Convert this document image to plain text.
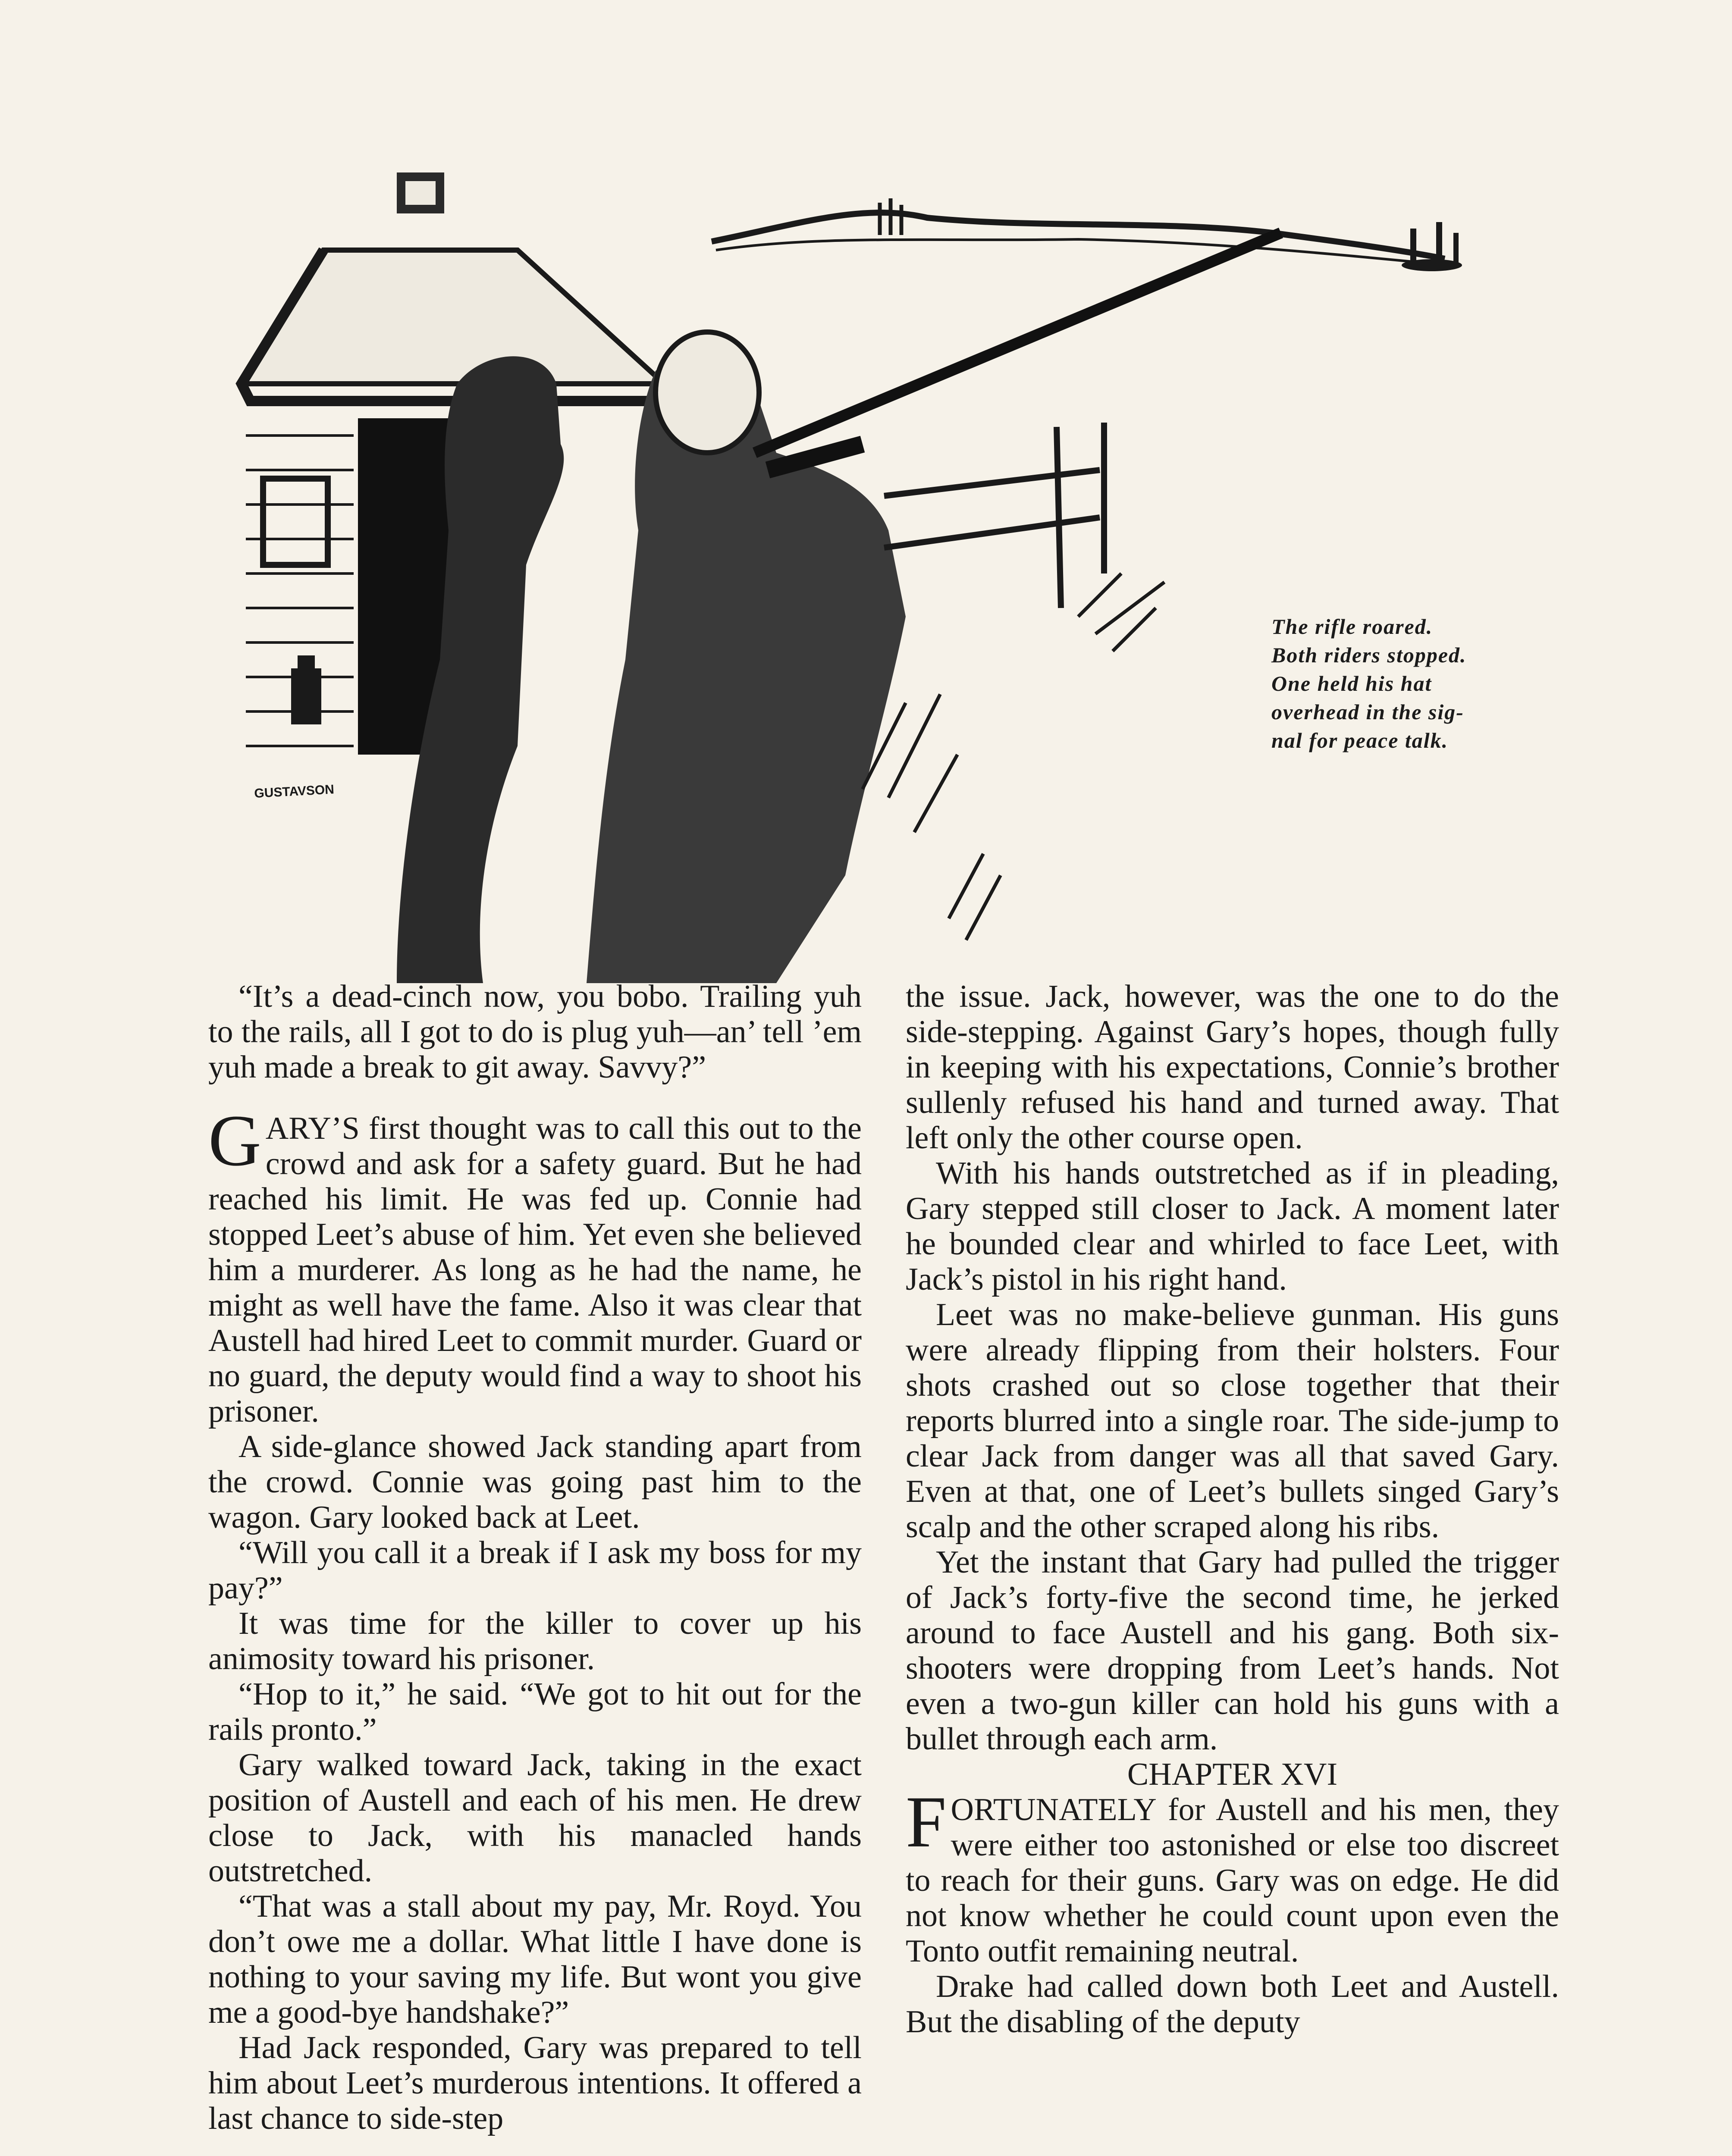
GUSTAVSON
The rifle roared.
Both riders stopped.
One held his hat
overhead in the sig-
nal for peace talk.

“It’s a dead-cinch now, you bobo. Trailing yuh to the rails, all I got to do is plug yuh—an’ tell ’em yuh made a break to git away. Savvy?”

GARY’S first thought was to call this out to the crowd and ask for a safety guard. But he had reached his limit. He was fed up. Connie had stopped Leet’s abuse of him. Yet even she believed him a murderer. As long as he had the name, he might as well have the fame. Also it was clear that Austell had hired Leet to commit murder. Guard or no guard, the deputy would find a way to shoot his prisoner.

A side-glance showed Jack standing apart from the crowd. Connie was going past him to the wagon. Gary looked back at Leet.

“Will you call it a break if I ask my boss for my pay?”

It was time for the killer to cover up his animosity toward his prisoner.

“Hop to it,” he said. “We got to hit out for the rails pronto.”

Gary walked toward Jack, taking in the exact position of Austell and each of his men. He drew close to Jack, with his manacled hands outstretched.

“That was a stall about my pay, Mr. Royd. You don’t owe me a dollar. What little I have done is nothing to your saving my life. But wont you give me a good-bye handshake?”

Had Jack responded, Gary was prepared to tell him about Leet’s murderous intentions. It offered a last chance to side-step

the issue. Jack, however, was the one to do the side-stepping. Against Gary’s hopes, though fully in keeping with his expectations, Connie’s brother sullenly refused his hand and turned away. That left only the other course open.

With his hands outstretched as if in pleading, Gary stepped still closer to Jack. A moment later he bounded clear and whirled to face Leet, with Jack’s pistol in his right hand.

Leet was no make-believe gunman. His guns were already flipping from their holsters. Four shots crashed out so close together that their reports blurred into a single roar. The side-jump to clear Jack from danger was all that saved Gary. Even at that, one of Leet’s bullets singed Gary’s scalp and the other scraped along his ribs.

Yet the instant that Gary had pulled the trigger of Jack’s forty-five the second time, he jerked around to face Austell and his gang. Both six-shooters were dropping from Leet’s hands. Not even a two-gun killer can hold his guns with a bullet through each arm.

CHAPTER XVI

FORTUNATELY for Austell and his men, they were either too astonished or else too discreet to reach for their guns. Gary was on edge. He did not know whether he could count upon even the Tonto outfit remaining neutral.

Drake had called down both Leet and Austell. But the disabling of the deputy
